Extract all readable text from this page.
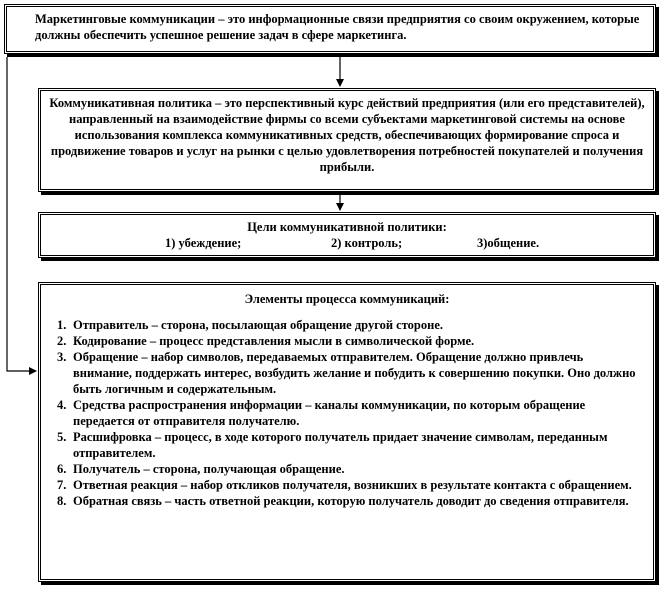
Маркетинговые коммуникации – это информационные связи предприятия со своим окружением, которые должны обеспечить успешное решение задач в сфере маркетинга.
Коммуникативная политика – это перспективный курс действий предприятия (или его представителей), направленный на взаимодействие фирмы со всеми субъектами маркетинговой системы на основе использования комплекса коммуникативных средств, обеспечивающих формирование спроса и продвижение товаров и услуг на рынки с целью удовлетворения потребностей покупателей и получения прибыли.
Цели коммуникативной политики:
1) убеждение;	2) контроль;	3)общение.
Элементы процесса коммуникаций:
1. Отправитель – сторона, посылающая обращение другой стороне.
2. Кодирование – процесс представления мысли в символической форме.
3. Обращение – набор символов, передаваемых отправителем. Обращение должно привлечь внимание, поддержать интерес, возбудить желание и побудить к совершению покупки. Оно должно быть логичным и содержательным.
4. Средства распространения информации – каналы коммуникации, по которым обращение передается от отправителя получателю.
5. Расшифровка – процесс, в ходе которого получатель придает значение символам, переданным отправителем.
6. Получатель – сторона, получающая обращение.
7. Ответная реакция – набор откликов получателя, возникших в результате контакта с обращением.
8. Обратная связь – часть ответной реакции, которую получатель доводит до сведения отправителя.
